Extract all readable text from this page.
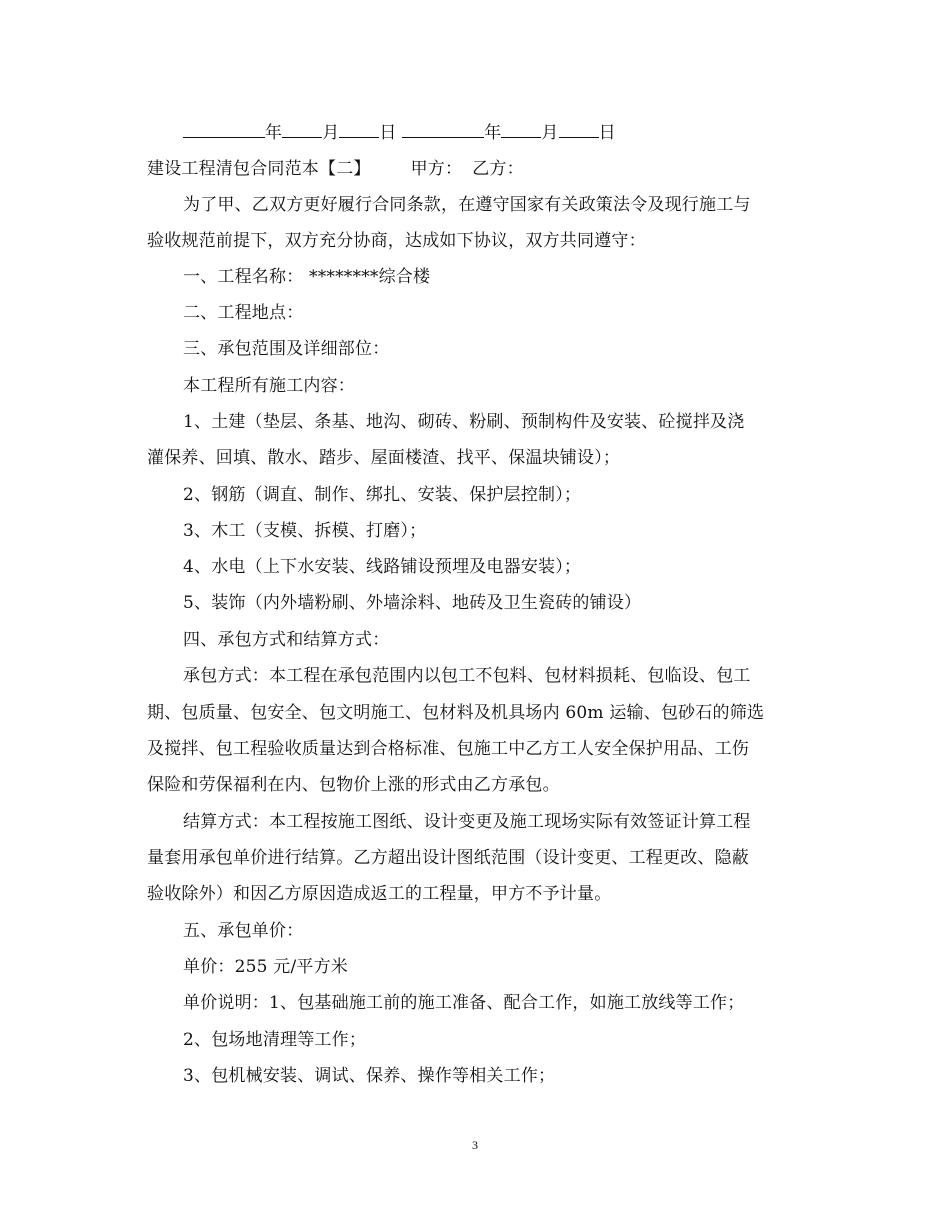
年 月 日	年 月 日
建设工程清包合同范本【二】 甲方： 乙方：
为了甲、乙双方更好履行合同条款，在遵守国家有关政策法令及现行施工与
验收规范前提下，双方充分协商，达成如下协议，双方共同遵守：
一、工程名称： ********综合楼
二、工程地点：
三、承包范围及详细部位：
本工程所有施工内容：
1、土建（垫层、条基、地沟、砌砖、粉刷、预制构件及安装、砼搅拌及浇
灌保养、回填、散水、踏步、屋面楼渣、找平、保温块铺设）；
2、钢筋（调直、制作、绑扎、安装、保护层控制）；
3、木工（支模、拆模、打磨）；
4、水电（上下水安装、线路铺设预埋及电器安装）；
5、装饰（内外墙粉刷、外墙涂料、地砖及卫生瓷砖的铺设）
四、承包方式和结算方式：
承包方式：本工程在承包范围内以包工不包料、包材料损耗、包临设、包工
期、包质量、包安全、包文明施工、包材料及机具场内 60m 运输、包砂石的筛选
及搅拌、包工程验收质量达到合格标准、包施工中乙方工人安全保护用品、工伤
保险和劳保福利在内、包物价上涨的形式由乙方承包。
结算方式：本工程按施工图纸、设计变更及施工现场实际有效签证计算工程
量套用承包单价进行结算。乙方超出设计图纸范围（设计变更、工程更改、隐蔽
验收除外）和因乙方原因造成返工的工程量，甲方不予计量。
五、承包单价：
单价：255 元/平方米
单价说明：1、包基础施工前的施工准备、配合工作，如施工放线等工作；
2、包场地清理等工作；
3、包机械安装、调试、保养、操作等相关工作；
3
